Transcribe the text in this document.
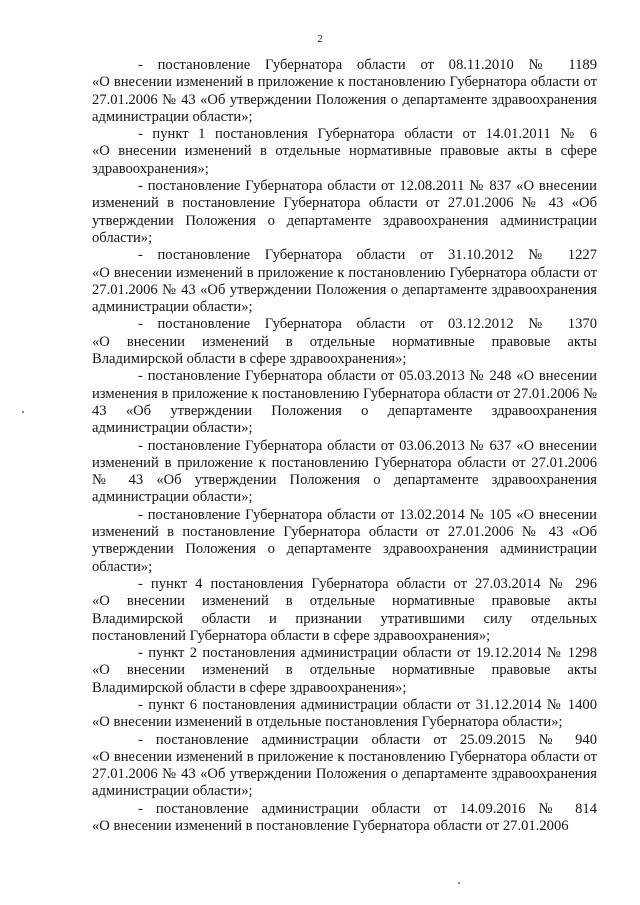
2

- постановление Губернатора области от 08.11.2010 № 1189
«О внесении изменений в приложение к постановлению Губернатора области от 27.01.2006 № 43 «Об утверждении Положения о департаменте здравоохранения администрации области»;

- пункт 1 постановления Губернатора области от 14.01.2011 № 6
«О внесении изменений в отдельные нормативные правовые акты в сфере здравоохранения»;

- постановление Губернатора области от 12.08.2011 № 837 «О внесении
изменений в постановление Губернатора области от 27.01.2006 № 43 «Об утверждении Положения о департаменте здравоохранения администрации области»;

- постановление Губернатора области от 31.10.2012 № 1227
«О внесении изменений в приложение к постановлению Губернатора области от 27.01.2006 № 43 «Об утверждении Положения о департаменте здравоохранения администрации области»;

- постановление Губернатора области от 03.12.2012 № 1370
«О внесении изменений в отдельные нормативные правовые акты Владимирской области в сфере здравоохранения»;

- постановление Губернатора области от 05.03.2013 № 248 «О внесении
изменения в приложение к постановлению Губернатора области от 27.01.2006 № 43 «Об утверждении Положения о департаменте здравоохранения администрации области»;

- постановление Губернатора области от 03.06.2013 № 637 «О внесении
изменений в приложение к постановлению Губернатора области от 27.01.2006 № 43 «Об утверждении Положения о департаменте здравоохранения администрации области»;

- постановление Губернатора области от 13.02.2014 № 105 «О внесении
изменений в постановление Губернатора области от 27.01.2006 № 43 «Об утверждении Положения о департаменте здравоохранения администрации области»;

- пункт 4 постановления Губернатора области от 27.03.2014 № 296
«О внесении изменений в отдельные нормативные правовые акты Владимирской области и признании утратившими силу отдельных постановлений Губернатора области в сфере здравоохранения»;

- пункт 2 постановления администрации области от 19.12.2014 № 1298
«О внесении изменений в отдельные нормативные правовые акты Владимирской области в сфере здравоохранения»;

- пункт 6 постановления администрации области от 31.12.2014 № 1400
«О внесении изменений в отдельные постановления Губернатора области»;

- постановление администрации области от 25.09.2015 № 940
«О внесении изменений в приложение к постановлению Губернатора области от 27.01.2006 № 43 «Об утверждении Положения о департаменте здравоохранения администрации области»;

- постановление администрации области от 14.09.2016 № 814
«О внесении изменений в постановление Губернатора области от 27.01.2006
